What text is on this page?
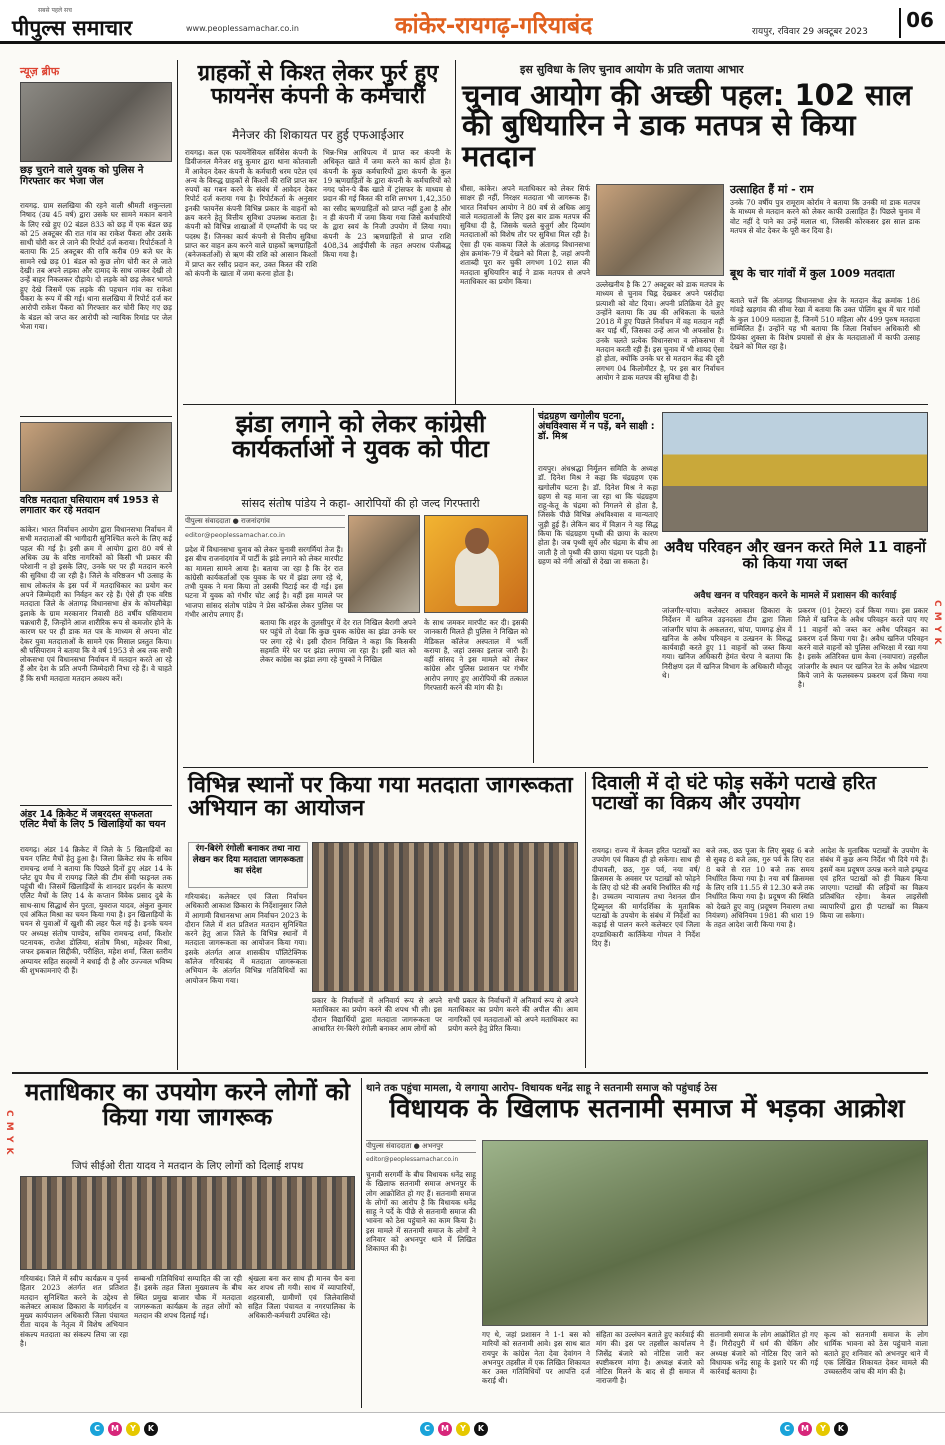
सबसे पहले सच
पीपुल्स समाचार	www.peoplessamachar.co.in	कांकेर-रायगढ़-गरियाबंद	रायपुर, रविवार 29 अक्टूबर 2023	06
न्यूज़ ब्रीफ
छड़ चुराने वाले युवक को पुलिस ने गिरफ्तार कर भेजा जेल
रायगढ़. ग्राम सलखिया की रहने वाली श्रीमती शकुन्तला निषाद (उम्र 45 वर्ष) द्वारा उसके घर सामने मकान बनाने के लिए रखे हुए 02 बंडल 833 को छड़ में एक बंडल छड़ को 25 अक्टूबर की रात गांव का राकेश पैंकरा और उसके साथी चोरी कर ले जाने की रिपोर्ट दर्ज कराया। रिपोर्टकर्ता ने बताया कि 25 अक्टूबर की रात्रि करीब 09 बजे घर के सामने रखे छड़ 01 बंडल को कुछ लोग चोरी कर ले जाते देखी। तब अपने लड़का और दामाद के साथ जाकर देखी तो उन्हें बाहर निकलकर दौड़ाये। दो लड़के को छड़ लेकर भागते हुए देखे जिसमें एक लड़के की पहचान गांव का राकेश पैंकरा के रूप में की गई। थाना सलखिया में रिपोर्ट दर्ज कर आरोपी राकेश पैंकरा को गिरफ्तार कर चोरी किए गए छड़ के बंडल को जप्त कर आरोपी को न्यायिक रिमांड पर जेल भेजा गया।
वरिष्ठ मतदाता घसियाराम वर्ष 1953 से लगातार कर रहे मतदान
कांकेर। भारत निर्वाचन आयोग द्वारा विधानसभा निर्वाचन में सभी मतदाताओं की भागीदारी सुनिश्चित करने के लिए कई पहल की गई है। इसी क्रम में आयोग द्वारा 80 वर्ष से अधिक उम्र के वरिष्ठ नागरिकों को किसी भी प्रकार की परेशानी न हो इसके लिए, उनके घर पर ही मतदान करने की सुविधा दी जा रही है। जिले के वरिष्ठजन भी उत्साह के साथ लोकतंत्र के इस पर्व में मतदाधिकार का प्रयोग कर अपने जिम्मेदारी का निर्वहन कर रहे हैं। ऐसे ही एक वरिष्ठ मतदाता जिले के अंतागढ़ विधानसभा क्षेत्र के कोयलीबेड़ा इलाके के ग्राम मरकानार निवासी 88 वर्षीय घसियाराम चक्रधारी हैं, जिन्होंने आज शारीरिक रूप से कमजोर होने के कारण घर पर ही डाक मत पत्र के माध्यम से अपना वोट देकर युवा मतदाताओं के सामने एक मिसाल प्रस्तुत किया। श्री घसियाराम ने बताया कि वे वर्ष 1953 से अब तक सभी लोकसभा एवं विधानसभा निर्वाचन में मतदान करते आ रहे हैं और देश के प्रति अपनी जिम्मेदारी निभा रहे हैं। वे चाहते हैं कि सभी मतदाता मतदान अवश्य करें।
अंडर 14 क्रिकेट में जबरदस्त सफलता एलिट मैचों के लिए 5 खिलाड़ियों का चयन
रायगढ़। अंडर 14 क्रिकेट में जिले के 5 खिलाड़ियों का चयन एलिट मैचों हेतु हुआ है। जिला क्रिकेट संघ के सचिव रामचन्द्र शर्मा ने बताया कि पिछले दिनों हुए अंडर 14 के प्लेट ग्रुप मैच में रायगढ़ जिले की टीम सेमी फाइनल तक पहुंची थी। जिसमें खिलाड़ियों के शानदार प्रदर्शन के कारण एलिट मैचों के लिए 14 के कप्तान विवेक प्रसाद दुबे के साथ-साथ सिद्धार्थ सेन पुरता, युवराज यादव, अंकुरा कुमार एवं अंकित मिश्रा का चयन किया गया है। इन खिलाड़ियों के चयन से युवाओं में खुशी की लहर फैल गई है। इनके चयन पर अध्यक्ष संतोष पाण्डेय, सचिव रामचन्द्र शर्मा, किशोर पटनायक, राजेश डोलिया, संतोष मिश्रा, महेश्वर मिश्रा, जफर इकबाल सिद्दीकी, परीक्षित, महेश शर्मा, जिला स्तरीय अम्पायर सहित सदस्यों ने बधाई दी है और उज्ज्वल भविष्य की शुभकामनाएं दी हैं।
ग्राहकों से किश्त लेकर फुर्र हुए फायनेंस कंपनी के कर्मचारी
मैनेजर की शिकायत पर हुई एफआईआर
रायगढ़। कल एक फायनेंसियल सर्विसेस कंपनी के डिवीजनल मैनेजर शत्रु कुमार द्वारा थाना कोतवाली में आवेदन देकर कंपनी के कर्मचारी धरम पटेल एवं अन्य के विरुद्ध ग्राहकों से किश्तों की राशि प्राप्त कर रुपयों का गबन करने के संबंध में आवेदन देकर रिपोर्ट दर्ज कराया गया है। रिपोर्टकर्ता के अनुसार इनकी फायनेंस कंपनी विभिन्न प्रकार के वाहनों को क्रय करने हेतु वित्तीय सुविधा उपलब्ध कराता है। कंपनी को विभिन्न शाखाओं में एम्प्लॉयी के पद पर पदस्थ हैं। जिनका कार्य कंपनी से वित्तीय सुविधा प्राप्त कर वाहन क्रय करने वाले ग्राहकों ऋणग्राहितों (बनेजकर्ताओं) से ऋण की राशि को आसान किश्तों में प्राप्त कर रसीद प्रदान कर, उक्त किस्त की राशि को कंपनी के खाता में जमा करना होता है।
भिन्न-भिन्न आधिपत्य में प्राप्त कर कंपनी के अधिकृत खाते में जमा करने का कार्य होता है। कंपनी के कुछ कर्मचारियों द्वारा कंपनी के कुल 19 ऋणग्राहितों के द्वारा कंपनी के कर्मचारियों को नगद फोन-पे बैंक खाते में ट्रांसफर के माध्यम से प्रदान की गई किस्त की राशि लगभग 1,42,350 का रसीद ऋणग्राहितों को प्राप्त नहीं हुआ है और न ही कंपनी में जमा किया गया जिसे कर्मचारियों के द्वारा स्वयं के निजी उपयोग में लिया गया। कंपनी के 23 ऋणग्राहितों से प्राप्त राशि 408,34 आईपीसी के तहत अपराध पंजीबद्ध किया गया है।
इस सुविधा के लिए चुनाव आयोग के प्रति जताया आभार
चुनाव आयोग की अच्छी पहल: 102 साल की बुधियारिन ने डाक मतपत्र से किया मतदान
धीसा, कांकेर। अपने मताधिकार को लेकर सिर्फ साक्षर ही नहीं, निरक्षर मतदाता भी जागरूक हैं। भारत निर्वाचन आयोग ने 80 वर्ष से अधिक आयु वाले मतदाताओं के लिए इस बार डाक मतपत्र की सुविधा दी है, जिसके चलते बुजुर्ग और दिव्यांग मतदाताओं को विशेष तौर पर सुविधा मिल रही है। ऐसा ही एक वाकया जिले के अंतागढ़ विधानसभा क्षेत्र क्रमांक-79 में देखने को मिला है, जहां अपनी शताब्दी पूरा कर चुकी लगभग 102 साल की मतदाता बुधियारिन बाई ने डाक मतपत्र से अपने मताधिकार का प्रयोग किया।	उल्लेखनीय है कि 27 अक्टूबर को डाक मतपत्र के माध्यम से चुनाव चिह्न देखकर अपने पसंदीदा प्रत्याशी को वोट दिया। अपनी प्रतिक्रिया देते हुए उन्होंने बताया कि उम्र की अधिकता के चलते 2018 में हुए पिछले निर्वाचन में वह मतदान नहीं कर पाई थीं, जिसका उन्हें आज भी अफसोस है। उनके चलते प्रत्येक विधानसभा व लोकसभा में मतदान करती रही हैं। इस चुनाव में भी शायद ऐसा हो होता, क्योंकि उनके घर से मतदान केंद्र की दूरी लगभग 04 किलोमीटर है, पर इस बार निर्वाचन आयोग ने डाक मतपत्र की सुविधा दी है।
उत्साहित हैं मां - राम
उनके 70 वर्षीय पुत्र रामूराम कोर्राम ने बताया कि उनकी मां डाक मतपत्र के माध्यम से मतदान करने को लेकर काफी उत्साहित हैं। पिछले चुनाव में वोट नहीं दे पाने का उन्हें मलाल था, जिसकी कोरकसर इस साल डाक मतपत्र से वोट देकर के पूरी कर दिया है।
बूथ के चार गांवों में कुल 1009 मतदाता
बताते चलें कि अंतागढ़ विधानसभा क्षेत्र के मतदान केंद्र क्रमांक 186 गांवड़े खड़गांव की सीमा रेखा में बताया कि उक्त पोलिंग बूथ में चार गांवों के कुल 1009 मतदाता हैं, जिनमें 510 महिला और 499 पुरुष मतदाता सम्मिलित हैं। उन्होंने यह भी बताया कि जिला निर्वाचन अधिकारी श्री प्रियंका शुक्ला के विशेष प्रयासों से क्षेत्र के मतदाताओं में काफी उत्साह देखने को मिल रहा है।
झंडा लगाने को लेकर कांग्रेसी कार्यकर्ताओं ने युवक को पीटा
सांसद संतोष पांडेय ने कहा- आरोपियों की हो जल्द गिरफ्तारी
पीपुल्स संवाददाता ● राजनांदगांव
editor@peoplessamachar.co.in
प्रदेश में विधानसभा चुनाव को लेकर चुनावी सरगर्मियां तेज हैं। इस बीच राजनांदगांव में पार्टी के झंडे लगाने को लेकर मारपीट का मामला सामने आया है। बताया जा रहा है कि देर रात कांग्रेसी कार्यकर्ताओं एक युवक के घर में झंडा लगा रहे थे, तभी युवक ने मना किया तो उसकी पिटाई कर दी गई। इस घटना में युवक को गंभीर चोट आई है। वहीं इस मामले पर भाजपा सांसद संतोष पांडेय ने प्रेस कॉन्फ्रेंस लेकर पुलिस पर गंभीर आरोप लगाए हैं।
बताया कि शहर के तुलसीपुर में देर रात निखिल बैरागी अपने घर पहुंचे तो देखा कि कुछ युवक कांग्रेस का झंडा उनके घर पर लगा रहे थे। इसी दौरान निखिल ने कहा कि किसकी सहमति मेरे घर पर झंडा लगाया जा रहा है। इसी बात को लेकर कांग्रेस का झंडा लगा रहे युवकों ने निखिल
के साथ जमकर मारपीट कर दी। इसकी जानकारी मिलते ही पुलिस ने निखिल को मेडिकल कॉलेज अस्पताल में भर्ती कराया है, जहां उसका इलाज जारी है। वहीं सांसद ने इस मामले को लेकर कांग्रेस और पुलिस प्रशासन पर गंभीर आरोप लगाए हुए आरोपियों की तत्काल गिरफ्तारी करने की मांग की है।
चंद्रग्रहण खगोलीय घटना, अंधविश्वास में न पड़ें, बने साक्षी : डॉ. मिश्र
रायपुर। अंधश्रद्धा निर्मूलन समिति के अध्यक्ष डॉ. दिनेश मिश्र ने कहा कि चंद्रग्रहण एक खगोलीय घटना है। डॉ. दिनेश मिश्र ने कहा ग्रहण से यह माना जा रहा था कि चंद्रग्रहण राहू-केतू के चंद्रमा को निगलने से होता है, जिसके पीछे विभिन्न अंधविश्वास व मान्यताएं जुड़ी हुई हैं। लेकिन बाद में विज्ञान ने यह सिद्ध किया कि चंद्रग्रहण पृथ्वी की छाया के कारण होता है। जब पृथ्वी सूर्य और चंद्रमा के बीच आ जाती है तो पृथ्वी की छाया चंद्रमा पर पड़ती है। ग्रहण को नंगी आंखों से देखा जा सकता है।
अवैध परिवहन और खनन करते मिले 11 वाहनों को किया गया जब्त
अवैध खनन व परिवहन करने के मामले में प्रशासन की कार्रवाई
जांजगीर-चांपा। कलेक्टर आकाश छिकारा के निर्देशन में खनिज उड़नदस्ता टीम द्वारा जिला जांजगीर चांपा के अकलतरा, चांपा, पामगढ़ क्षेत्र में खनिज के अवैध परिवहन व उत्खनन के विरुद्ध कार्यवाही करते हुए 11 वाहनों को जब्त किया गया। खनिज अधिकारी हेमंत चेरपा ने बताया कि निरीक्षण दल में खनिज विभाग के अधिकारी मौजूद थे।
प्रकरण (01 ट्रेक्टर) दर्ज किया गया। इस प्रकार जिले में खनिज के अवैध परिवहन करते पाए गए 11 वाहनों को जब्त कर अवैध परिवहन का प्रकरण दर्ज किया गया है। अवैध खनिज परिवहन करने वाले वाहनों को पुलिस अभिरक्षा में रखा गया है। इसके अतिरिक्त ग्राम केवा (नवापारा) तहसील जांजगीर के स्थान पर खनिज रेत के अवैध भंडारण किये जाने के फलस्वरूप प्रकरण दर्ज किया गया है।
विभिन्न स्थानों पर किया गया मतदाता जागरूकता अभियान का आयोजन
रंग-बिरंगे रंगोली बनाकर तथा नारा लेखन कर दिया मतदाता जागरूकता का संदेश
गरियाबंद। कलेक्टर एवं जिला निर्वाचन अधिकारी आकाश छिकारा के निर्देशानुसार जिले में आगामी विधानसभा आम निर्वाचन 2023 के दौरान जिले में शत प्रतिशत मतदान सुनिश्चित करने हेतु आज जिले के विभिन्न स्थानों में मतदाता जागरूकता का आयोजन किया गया। इसके अंतर्गत आज शासकीय पॉलिटेक्निक कॉलेज गरियाबंद में मतदाता जागरूकता अभियान के अंतर्गत विभिन्न गतिविधियों का आयोजन किया गया।
प्रकार के निर्वाचनों में अनिवार्य रूप से अपने मताधिकार का प्रयोग करने की शपथ भी ली। इस दौरान विद्यार्थियों द्वारा मतदाता जागरूकता पर आधारित रंग-बिरंगे रंगोली बनाकर आम लोगों को
सभी प्रकार के निर्वाचनों में अनिवार्य रूप से अपने मताधिकार का प्रयोग करने की अपील की। आम नागरिकों एवं मतदाताओं को अपने मताधिकार का प्रयोग करने हेतु प्रेरित किया।
दिवाली में दो घंटे फोड़ सकेंगे पटाखे हरित पटाखों का विक्रय और उपयोग
रायगढ़। राज्य में केवल हरित पटाखों का उपयोग एवं विक्रय ही हो सकेगा। साथ ही दीपावली, छठ, गुरु पर्व, नया वर्ष/क्रिसमस के अवसर पर पटाखों को फोड़ने के लिए दो घंटे की अवधि निर्धारित की गई है। उच्चतम न्यायालय तथा नेशनल ग्रीन ट्रिब्यूनल की मार्गदर्शिका के मुताबिक पटाखों के उपयोग के संबंध में निर्देशों का कड़ाई से पालन करने कलेक्टर एवं जिला दण्डाधिकारी कार्तिकेया गोयल ने निर्देश दिए हैं।
बजे तक, छठ पूजा के लिए सुबह 6 बजे से सुबह 8 बजे तक, गुरु पर्व के लिए रात 8 बजे से रात 10 बजे तक समय निर्धारित किया गया है। नया वर्ष क्रिसमस के लिए रात्रि 11.55 से 12.30 बजे तक निर्धारित किया गया है। प्रदूषण की स्थिति को देखते हुए वायु (प्रदूषण निवारण तथा नियंत्रण) अधिनियम 1981 की धारा 19 के तहत आदेश जारी किया गया है।
आदेश के मुताबिक पटाखों के उपयोग के संबंध में कुछ अन्य निर्देश भी दिये गये हैं। इसमें कम प्रदूषण उत्पन्न करने वाले इम्प्रूव्ड एवं हरित पटाखों को ही विक्रय किया जाएगा। पटाखों की लड़ियों का विक्रय प्रतिबंधित रहेगा। केवल लाइसेंसी व्यापारियों द्वारा ही पटाखों का विक्रय किया जा सकेगा।
मताधिकार का उपयोग करने लोगों को किया गया जागरूक
जिपं सीईओ रीता यादव ने मतदान के लिए लोगों को दिलाई शपथ
गरियाबंद। जिले में स्वीप कार्यक्रम व पुनर्व हितार 2023 अंतर्गत शत प्रतिशत मतदान सुनिश्चित करने के उद्देश्य से कलेक्टर आकाश छिकारा के मार्गदर्शन व मुख्य कार्यपालन अधिकारी जिला पंचायत रीता यादव के नेतृत्व में विशेष अभियान संकल्प मतदाता का संकल्प लिया जा रहा है।
सम्बन्धी गतिविधियां सम्पादित की जा रही हैं। इसके तहत जिला मुख्यालय के बीच स्थित प्रमुख बाजार चौक में मतदाता जागरूकता कार्यक्रम के तहत लोगों को मतदान की शपथ दिलाई गई।
श्रृंखला बना कर साथ ही मानव चैन बना कर शपथ ली गयी। साथ में व्यापारियों, शहरवासी, ग्रामीणों एवं जिलेवासियों सहित जिला पंचायत व नगरपालिका के अधिकारी-कर्मचारी उपस्थित रहे।
थाने तक पहुंचा मामला, ये लगाया आरोप- विधायक धनेंद्र साहू ने सतनामी समाज को पहुंचाई ठेस
विधायक के खिलाफ सतनामी समाज में भड़का आक्रोश
पीपुल्स संवाददाता ● अभनपुर
editor@peoplessamachar.co.in
चुनावी सरगर्मी के बीच विधायक धनेंद्र साहू के खिलाफ सतनामी समाज अभनपुर के लोग आक्रोशित हो गए हैं। सतनामी समाज के लोगों का आरोप है कि विधायक धनेंद्र साहू ने पर्दे के पीछे से सतनामी समाज की भावना को ठेस पहुंचाने का काम किया है। इस मामले में सतनामी समाज के लोगों ने शनिवार को अभनपुर थाने में लिखित शिकायत की है।
गए थे, जहां प्रशासन ने 1-1 बस को मारियों को सतनामी आवे। इस साथ बात रायपुर के कांग्रेस नेता देवा देवांगन ने अभनपुर तहसील में एक लिखित शिकायत कर उक्त गतिविधियों पर आपत्ति दर्ज कराई थी।
संहिता का उल्लंघन बताते हुए कार्रवाई की मांग की। इस पर तहसील कार्यालय ने जिसेंद्र बंजारे को नोटिस जारी कर स्पष्टीकरण मांगा है। अध्यक्ष बंजारे को नोटिस मिलने के बाद से ही समाज में नाराजगी है।
सतनामी समाज के लोग आक्रोशित हो गए हैं। गिरौदपुरी में धर्म की चेकिंग और अध्यक्ष बंजारे को नोटिस दिए जाने को विधायक धनेंद्र साहू के इशारे पर की गई कार्रवाई बताया है।
कृत्य को सतनामी समाज के लोग धार्मिक भावना को ठेस पहुंचाने वाला बताते हुए शनिवार को अभनपुर थाने में एक लिखित शिकायत देकर मामले की उच्चस्तरीय जांच की मांग की है।
C M Y K
C M Y K
C	M	Y	K	C	M	Y	K	C	M	Y	K
